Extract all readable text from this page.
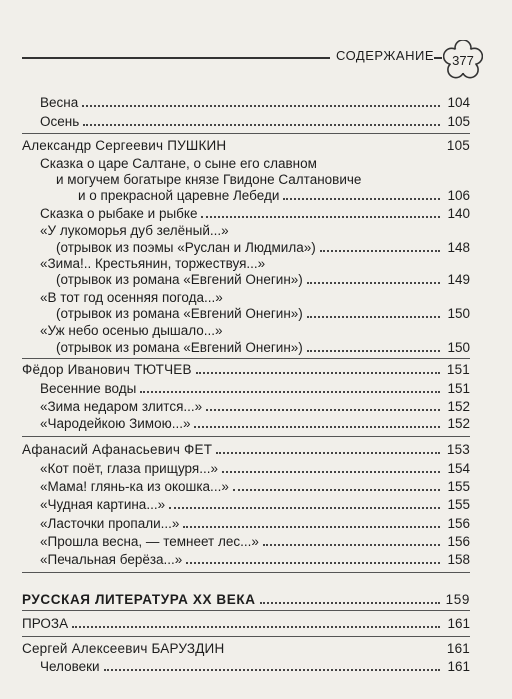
СОДЕРЖАНИЕ	377
Весна	104
Осень	105
Александр Сергеевич ПУШКИН	105
Сказка о царе Салтане, о сыне его славном
и могучем богатыре князе Гвидоне Салтановиче
и о прекрасной царевне Лебеди	106
Сказка о рыбаке и рыбке	140
«У лукоморья дуб зелёный...»
(отрывок из поэмы «Руслан и Людмила»)	148
«Зима!.. Крестьянин, торжествуя...»
(отрывок из романа «Евгений Онегин»)	149
«В тот год осенняя погода...»
(отрывок из романа «Евгений Онегин»)	150
«Уж небо осенью дышало...»
(отрывок из романа «Евгений Онегин»)	150
Фёдор Иванович ТЮТЧЕВ	151
Весенние воды	151
«Зима недаром злится...»	152
«Чародейкою Зимою...»	152
Афанасий Афанасьевич ФЕТ	153
«Кот поёт, глаза прищуря...»	154
«Мама! глянь-ка из окошка...»	155
«Чудная картина...»	155
«Ласточки пропали...»	156
«Прошла весна, — темнеет лес...»	156
«Печальная берёза...»	158
РУССКАЯ ЛИТЕРАТУРА XX ВЕКА	159
ПРОЗА	161
Сергей Алексеевич БАРУЗДИН	161
Человеки	161
